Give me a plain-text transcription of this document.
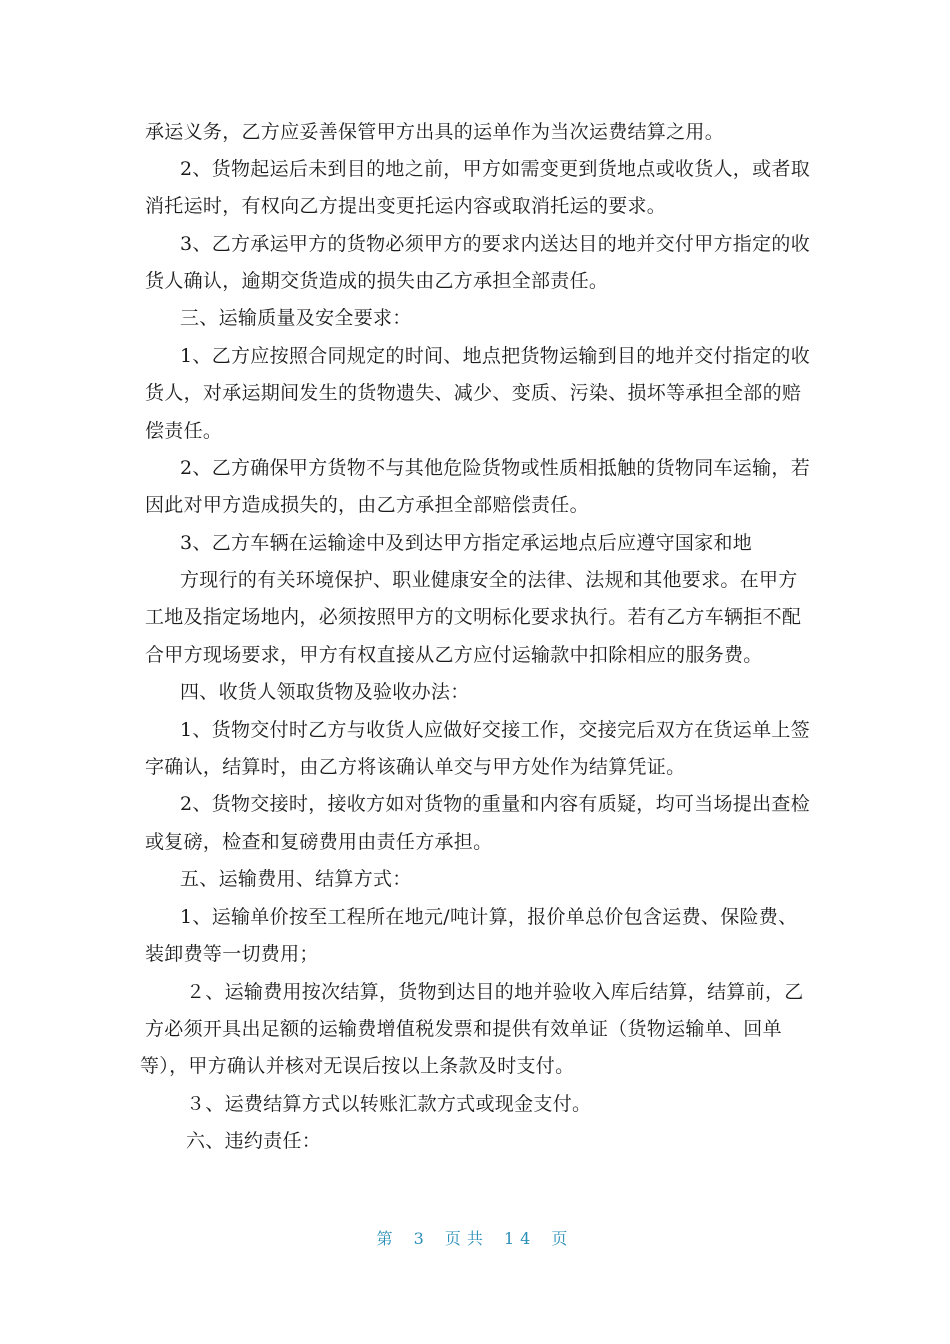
承运义务，乙方应妥善保管甲方出具的运单作为当次运费结算之用。
2、货物起运后未到目的地之前，甲方如需变更到货地点或收货人，或者取
消托运时，有权向乙方提出变更托运内容或取消托运的要求。
3、乙方承运甲方的货物必须甲方的要求内送达目的地并交付甲方指定的收
货人确认，逾期交货造成的损失由乙方承担全部责任。
三、运输质量及安全要求：
1、乙方应按照合同规定的时间、地点把货物运输到目的地并交付指定的收
货人，对承运期间发生的货物遗失、减少、变质、污染、损坏等承担全部的赔
偿责任。
2、乙方确保甲方货物不与其他危险货物或性质相抵触的货物同车运输，若
因此对甲方造成损失的，由乙方承担全部赔偿责任。
3、乙方车辆在运输途中及到达甲方指定承运地点后应遵守国家和地
方现行的有关环境保护、职业健康安全的法律、法规和其他要求。在甲方
工地及指定场地内，必须按照甲方的文明标化要求执行。若有乙方车辆拒不配
合甲方现场要求，甲方有权直接从乙方应付运输款中扣除相应的服务费。
四、收货人领取货物及验收办法：
1、货物交付时乙方与收货人应做好交接工作，交接完后双方在货运单上签
字确认，结算时，由乙方将该确认单交与甲方处作为结算凭证。
2、货物交接时，接收方如对货物的重量和内容有质疑，均可当场提出查检
或复磅，检查和复磅费用由责任方承担。
五、运输费用、结算方式：
1、运输单价按至工程所在地元/吨计算，报价单总价包含运费、保险费、
装卸费等一切费用；
２、运输费用按次结算，货物到达目的地并验收入库后结算，结算前，乙
方必须开具出足额的运输费增值税发票和提供有效单证（货物运输单、回单
等），甲方确认并核对无误后按以上条款及时支付。
３、运费结算方式以转账汇款方式或现金支付。
六、违约责任：
第 3 页共 14 页
